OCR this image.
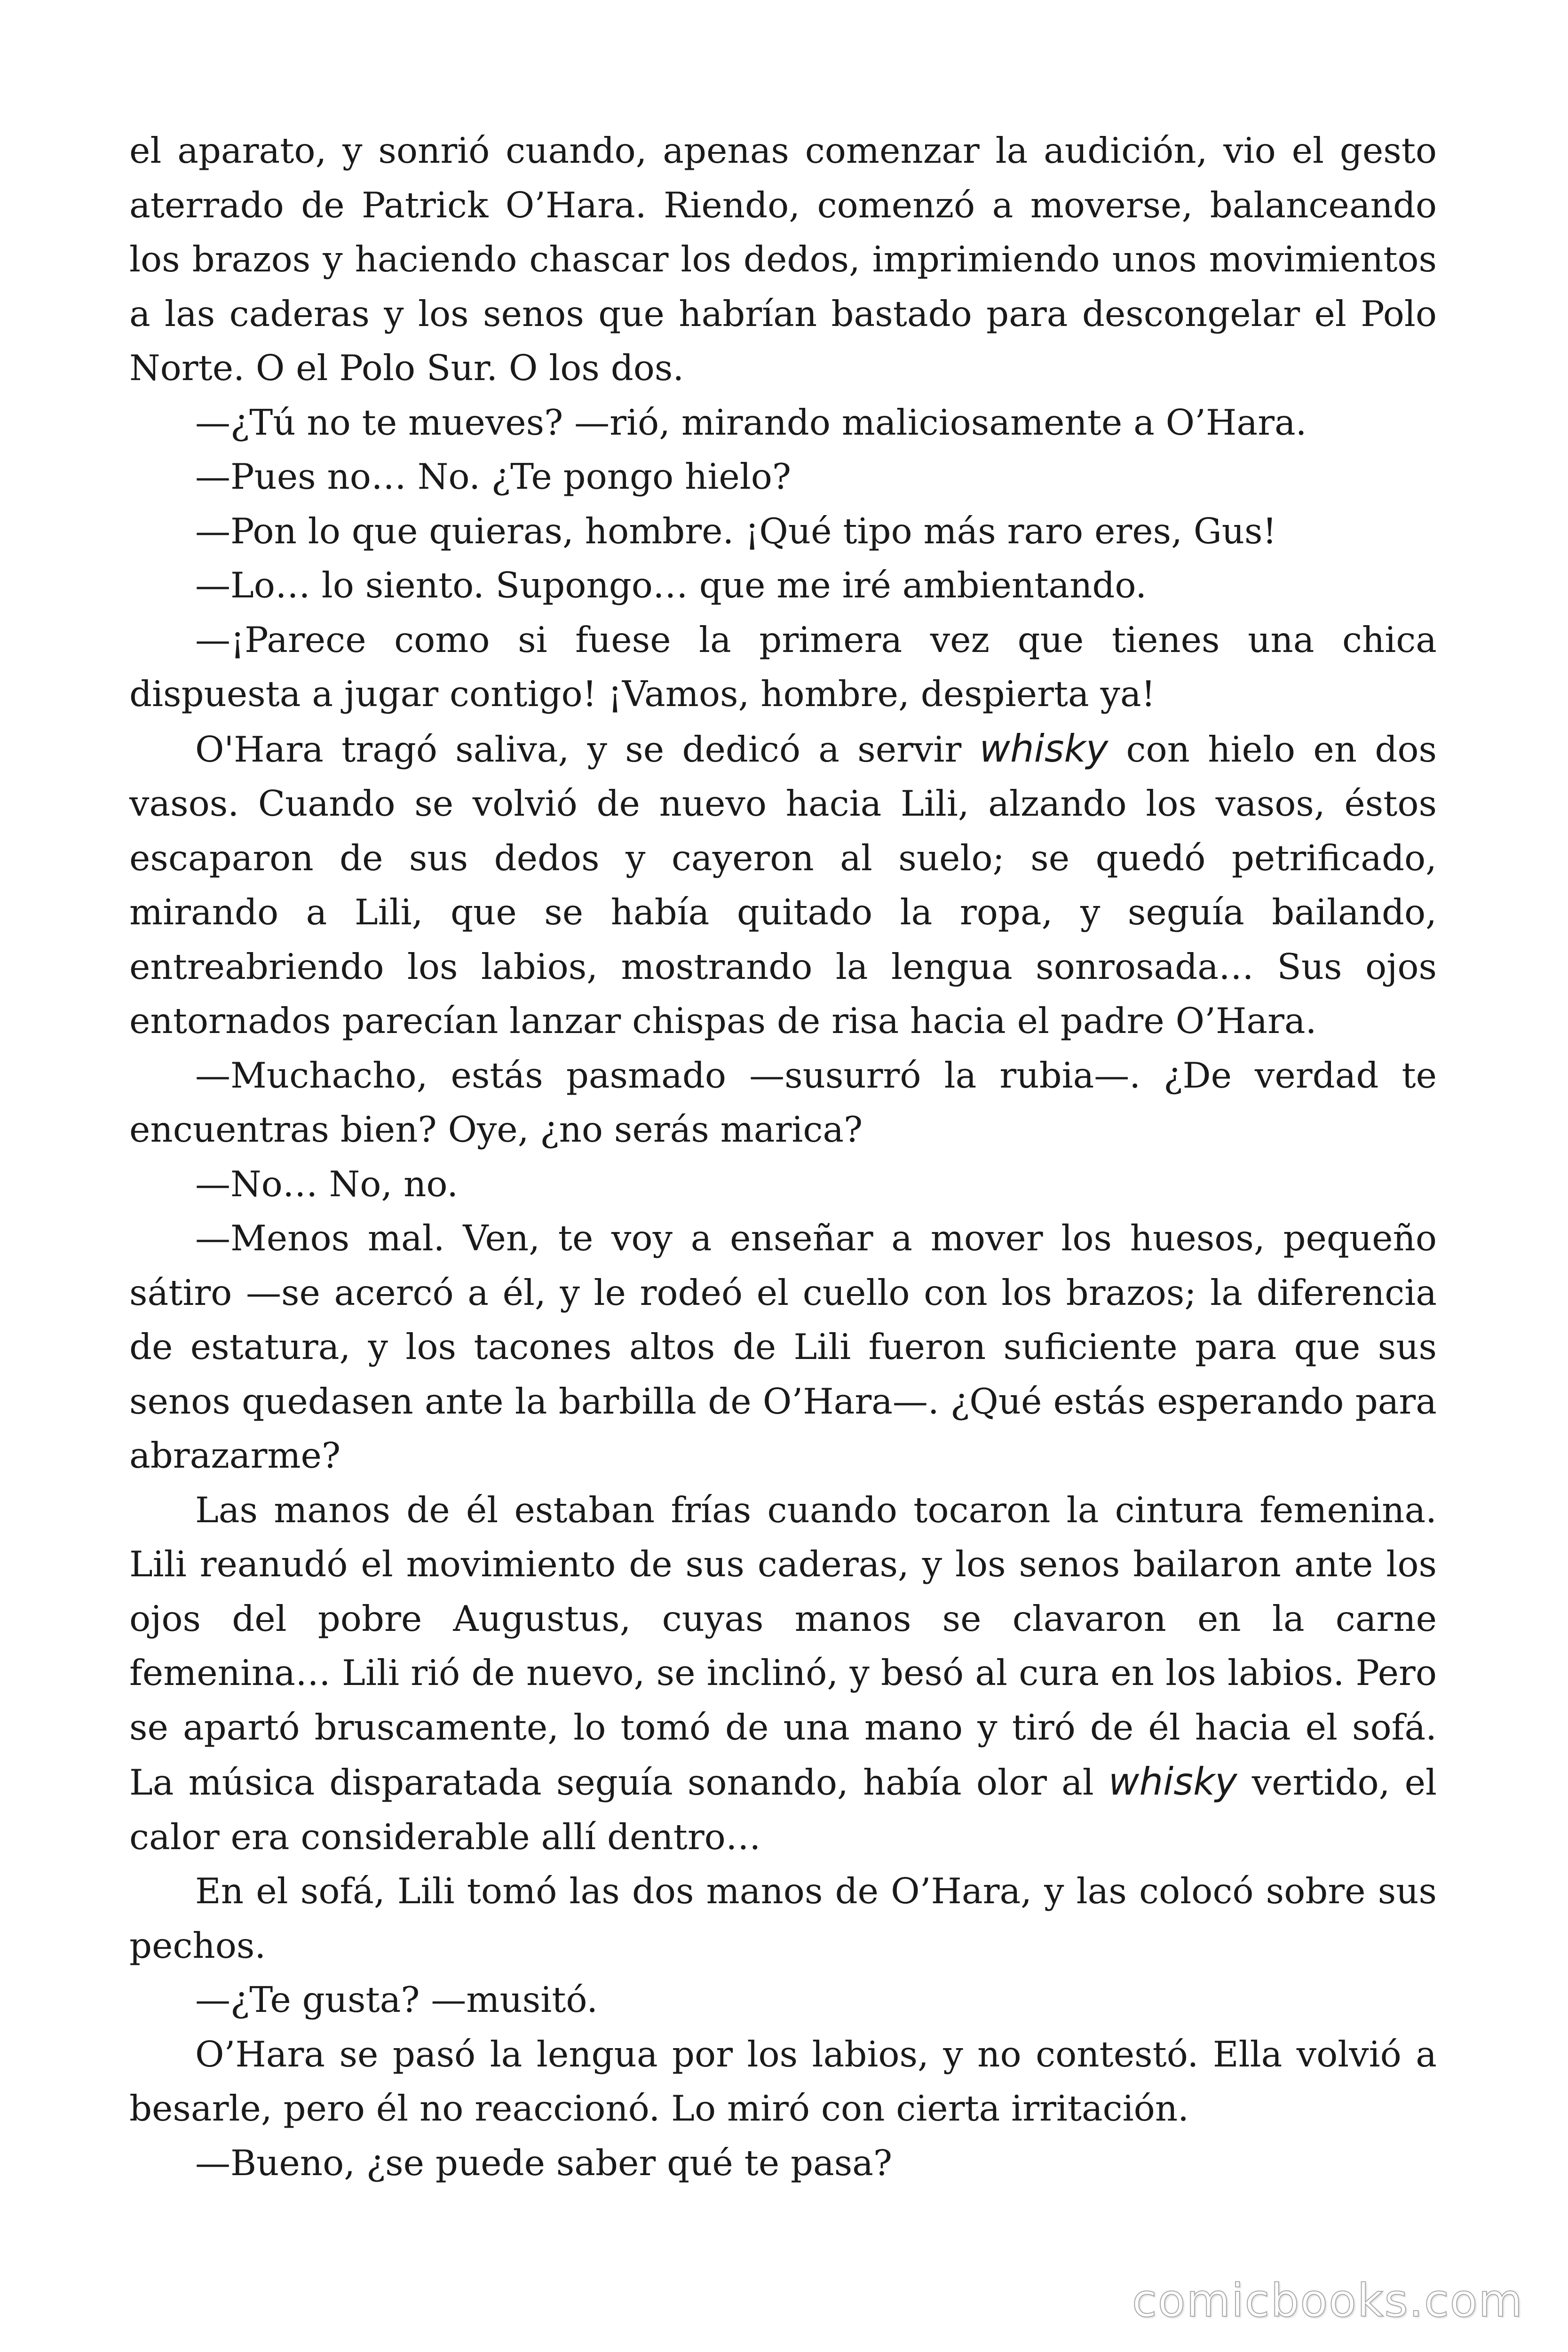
el aparato, y sonrió cuando, apenas comenzar la audición, vio el gesto aterrado de Patrick O’Hara. Riendo, comenzó a moverse, balanceando los brazos y haciendo chascar los dedos, imprimiendo unos movimientos a las caderas y los senos que habrían bastado para descongelar el Polo Norte. O el Polo Sur. O los dos.

—¿Tú no te mueves? —rió, mirando maliciosamente a O’Hara.

—Pues no… No. ¿Te pongo hielo?

—Pon lo que quieras, hombre. ¡Qué tipo más raro eres, Gus!

—Lo… lo siento. Supongo… que me iré ambientando.

—¡Parece como si fuese la primera vez que tienes una chica dispuesta a jugar contigo! ¡Vamos, hombre, despierta ya!

O'Hara tragó saliva, y se dedicó a servir whisky con hielo en dos vasos. Cuando se volvió de nuevo hacia Lili, alzando los vasos, éstos escaparon de sus dedos y cayeron al suelo; se quedó petrificado, mirando a Lili, que se había quitado la ropa, y seguía bailando, entreabriendo los labios, mostrando la lengua sonrosada… Sus ojos entornados parecían lanzar chispas de risa hacia el padre O’Hara.

—Muchacho, estás pasmado —susurró la rubia—. ¿De verdad te encuentras bien? Oye, ¿no serás marica?

—No… No, no.

—Menos mal. Ven, te voy a enseñar a mover los huesos, pequeño sátiro —se acercó a él, y le rodeó el cuello con los brazos; la diferencia de estatura, y los tacones altos de Lili fueron suficiente para que sus senos quedasen ante la barbilla de O’Hara—. ¿Qué estás esperando para abrazarme?

Las manos de él estaban frías cuando tocaron la cintura femenina. Lili reanudó el movimiento de sus caderas, y los senos bailaron ante los ojos del pobre Augustus, cuyas manos se clavaron en la carne femenina… Lili rió de nuevo, se inclinó, y besó al cura en los labios. Pero se apartó bruscamente, lo tomó de una mano y tiró de él hacia el sofá. La música disparatada seguía sonando, había olor al whisky vertido, el calor era considerable allí dentro…

En el sofá, Lili tomó las dos manos de O’Hara, y las colocó sobre sus pechos.

—¿Te gusta? —musitó.

O’Hara se pasó la lengua por los labios, y no contestó. Ella volvió a besarle, pero él no reaccionó. Lo miró con cierta irritación.

—Bueno, ¿se puede saber qué te pasa?

comicbooks.com
